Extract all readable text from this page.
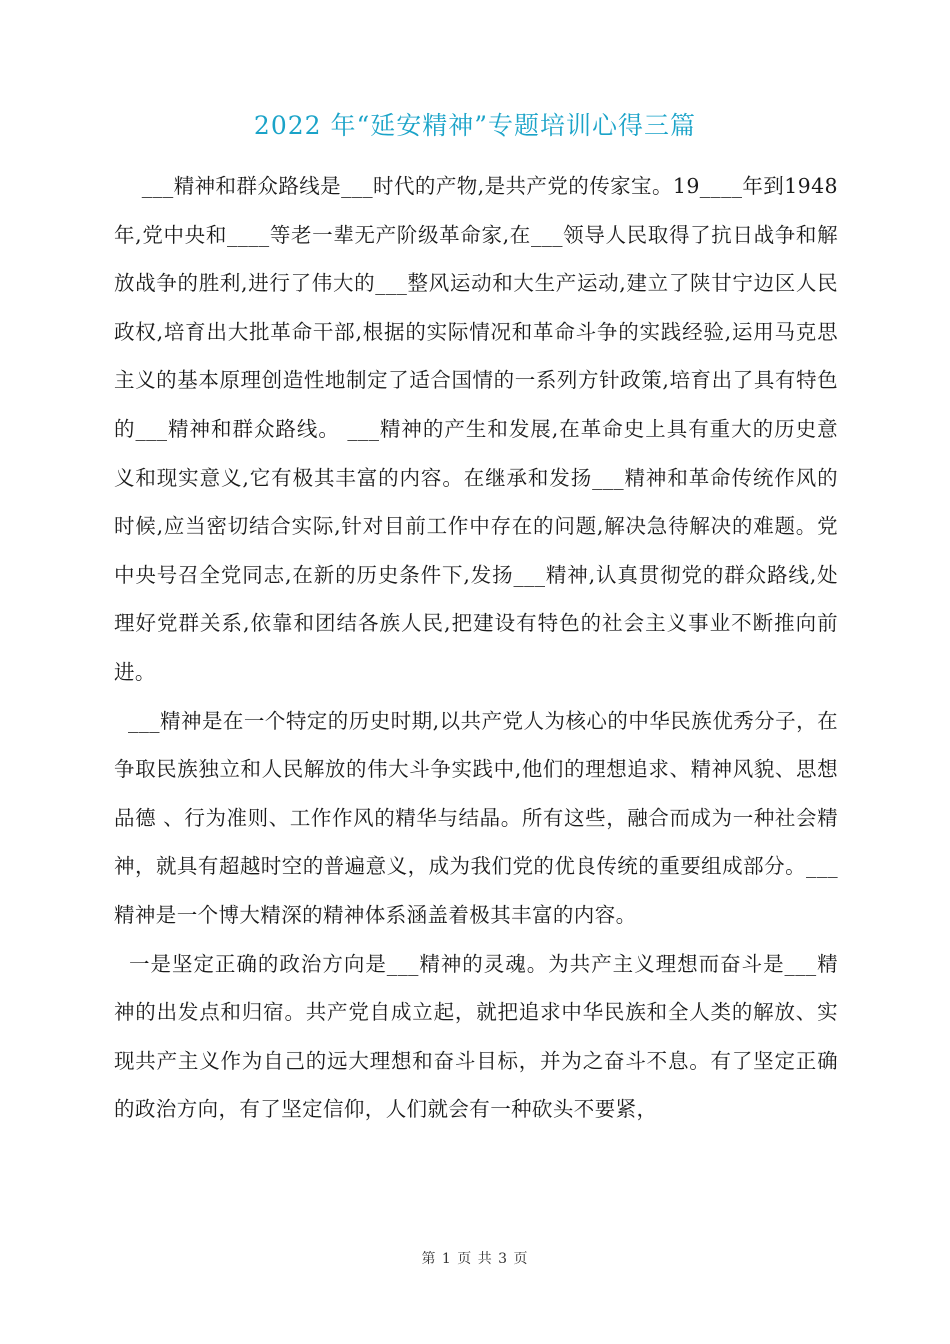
2022 年“延安精神”专题培训心得三篇

___精神和群众路线是___时代的产物,是共产党的传家宝。19____年到1948 年,党中央和____等老一辈无产阶级革命家,在___领导人民取得了抗日战争和解放战争的胜利,进行了伟大的___整风运动和大生产运动,建立了陕甘宁边区人民政权,培育出大批革命干部,根据的实际情况和革命斗争的实践经验,运用马克思主义的基本原理创造性地制定了适合国情的一系列方针政策,培育出了具有特色的___精神和群众路线。 ___精神的产生和发展,在革命史上具有重大的历史意义和现实意义,它有极其丰富的内容。在继承和发扬___精神和革命传统作风的时候,应当密切结合实际,针对目前工作中存在的问题,解决急待解决的难题。党中央号召全党同志,在新的历史条件下,发扬___精神,认真贯彻党的群众路线,处理好党群关系,依靠和团结各族人民,把建设有特色的社会主义事业不断推向前进。

___精神是在一个特定的历史时期,以共产党人为核心的中华民族优秀分子，在争取民族独立和人民解放的伟大斗争实践中,他们的理想追求、精神风貌、思想品德 、行为准则、工作作风的精华与结晶。所有这些，融合而成为一种社会精神，就具有超越时空的普遍意义，成为我们党的优良传统的重要组成部分。___精神是一个博大精深的精神体系涵盖着极其丰富的内容。

一是坚定正确的政治方向是___精神的灵魂。为共产主义理想而奋斗是___精神的出发点和归宿。共产党自成立起，就把追求中华民族和全人类的解放、实现共产主义作为自己的远大理想和奋斗目标，并为之奋斗不息。有了坚定正确的政治方向，有了坚定信仰，人们就会有一种砍头不要紧，

第 1 页 共 3 页
